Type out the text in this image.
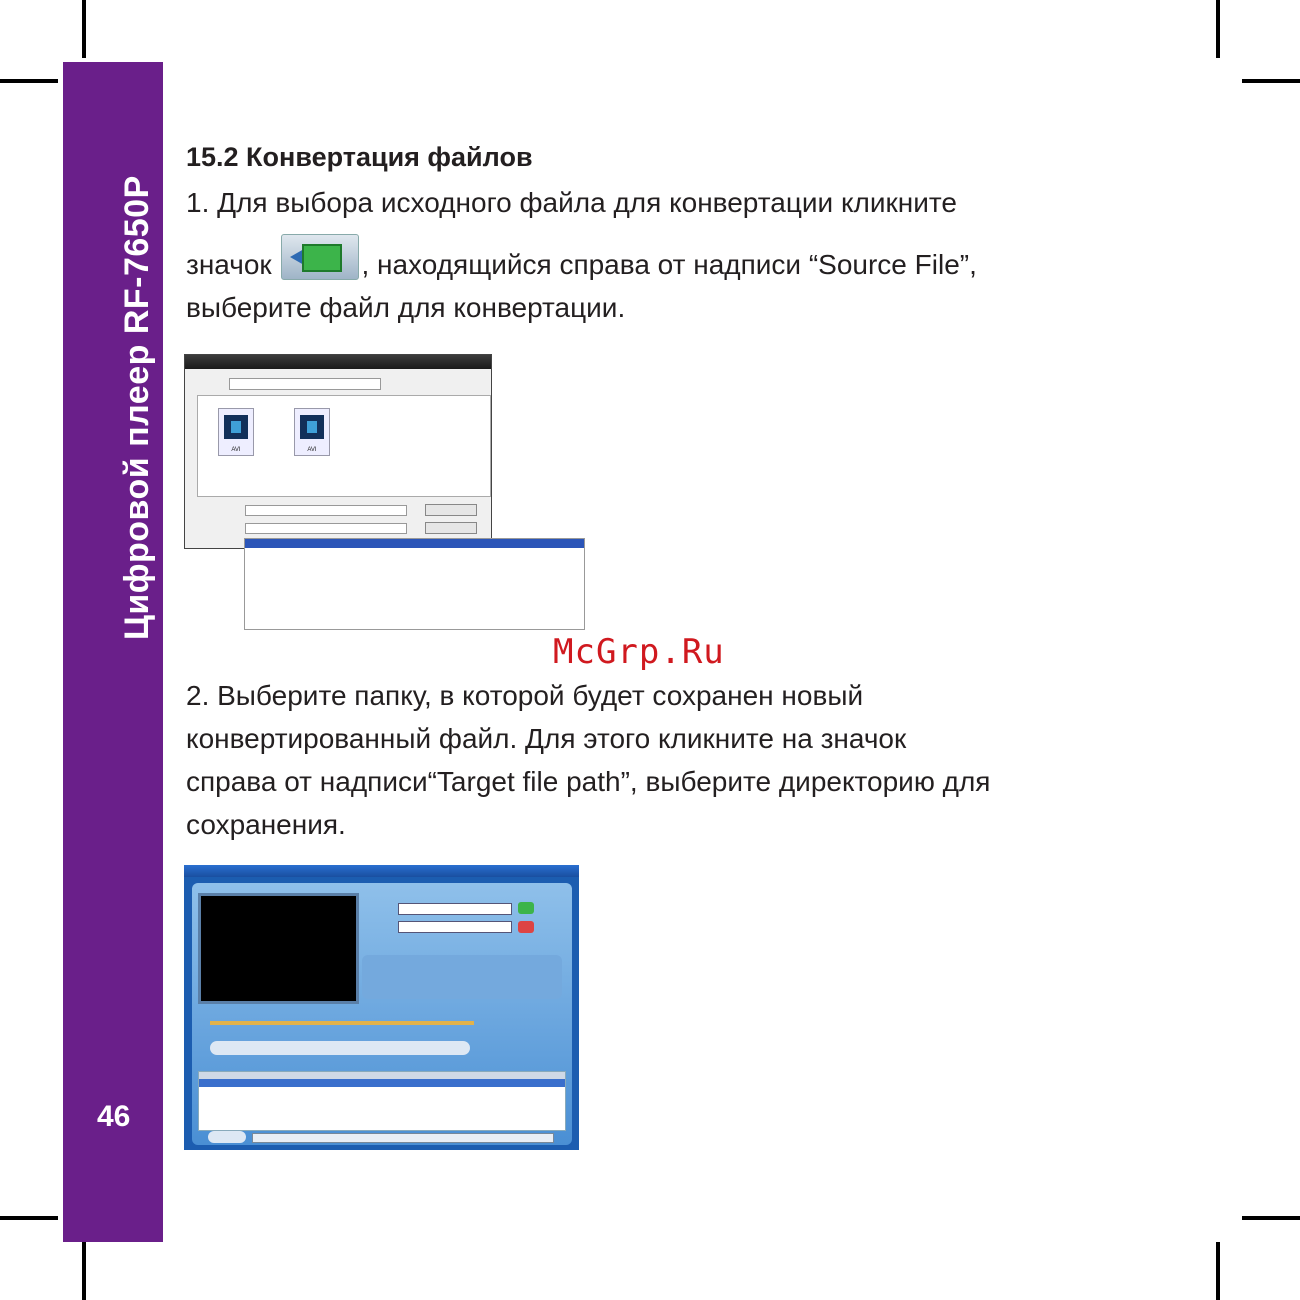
Цифровой плеер RF-7650P
46
15.2 Конвертация файлов
1. Для выбора исходного файла для конвертации кликните
значок	, находящийся справа от надписи “Source File”,
выберите файл для конвертации.
AVI	AVI
McGrp.Ru
2. Выберите папку, в которой будет сохранен новый
конвертированный файл. Для этого кликните на значок
справа от надписи“Target file path”, выберите директорию для
сохранения.
